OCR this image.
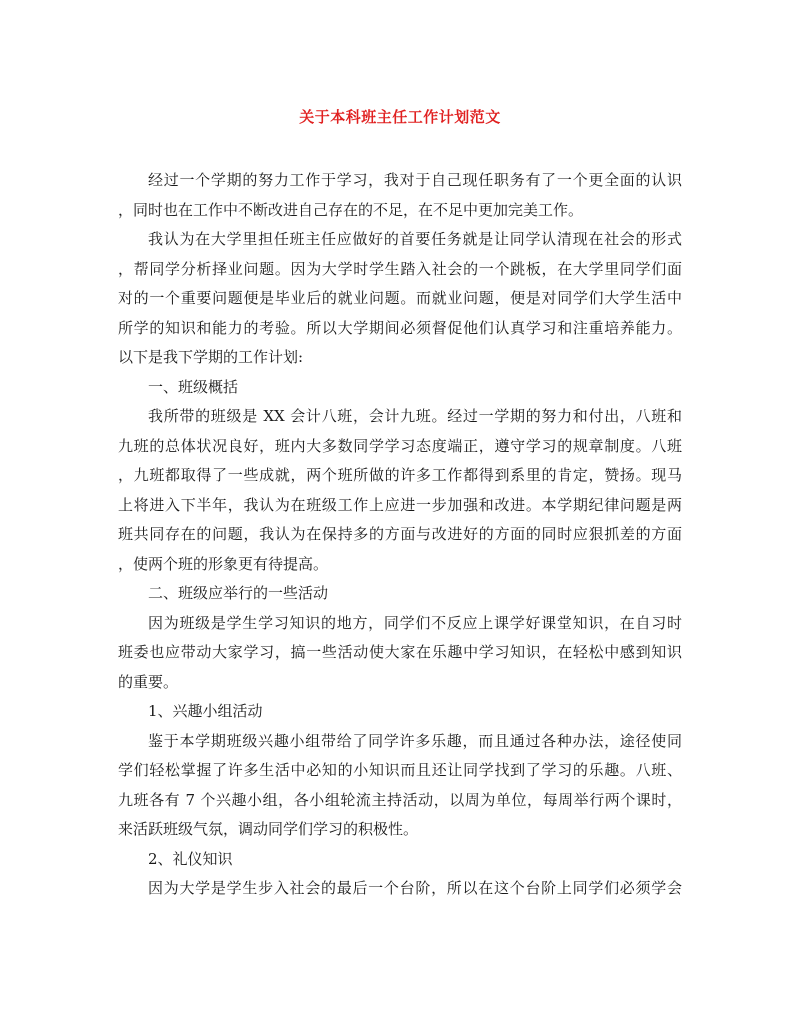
关于本科班主任工作计划范文
经过一个学期的努力工作于学习，我对于自己现任职务有了一个更全面的认识
，同时也在工作中不断改进自己存在的不足，在不足中更加完美工作。
我认为在大学里担任班主任应做好的首要任务就是让同学认清现在社会的形式
，帮同学分析择业问题。因为大学时学生踏入社会的一个跳板，在大学里同学们面
对的一个重要问题便是毕业后的就业问题。而就业问题，便是对同学们大学生活中
所学的知识和能力的考验。所以大学期间必须督促他们认真学习和注重培养能力。
以下是我下学期的工作计划:
一、班级概括
我所带的班级是 XX 会计八班，会计九班。经过一学期的努力和付出，八班和
九班的总体状况良好，班内大多数同学学习态度端正，遵守学习的规章制度。八班
，九班都取得了一些成就，两个班所做的许多工作都得到系里的肯定，赞扬。现马
上将进入下半年，我认为在班级工作上应进一步加强和改进。本学期纪律问题是两
班共同存在的问题，我认为在保持多的方面与改进好的方面的同时应狠抓差的方面
，使两个班的形象更有待提高。
二、班级应举行的一些活动
因为班级是学生学习知识的地方，同学们不反应上课学好课堂知识，在自习时
班委也应带动大家学习，搞一些活动使大家在乐趣中学习知识，在轻松中感到知识
的重要。
1、兴趣小组活动
鉴于本学期班级兴趣小组带给了同学许多乐趣，而且通过各种办法，途径使同
学们轻松掌握了许多生活中必知的小知识而且还让同学找到了学习的乐趣。八班、
九班各有 7 个兴趣小组，各小组轮流主持活动，以周为单位，每周举行两个课时，
来活跃班级气氛，调动同学们学习的积极性。
2、礼仪知识
因为大学是学生步入社会的最后一个台阶，所以在这个台阶上同学们必须学会
